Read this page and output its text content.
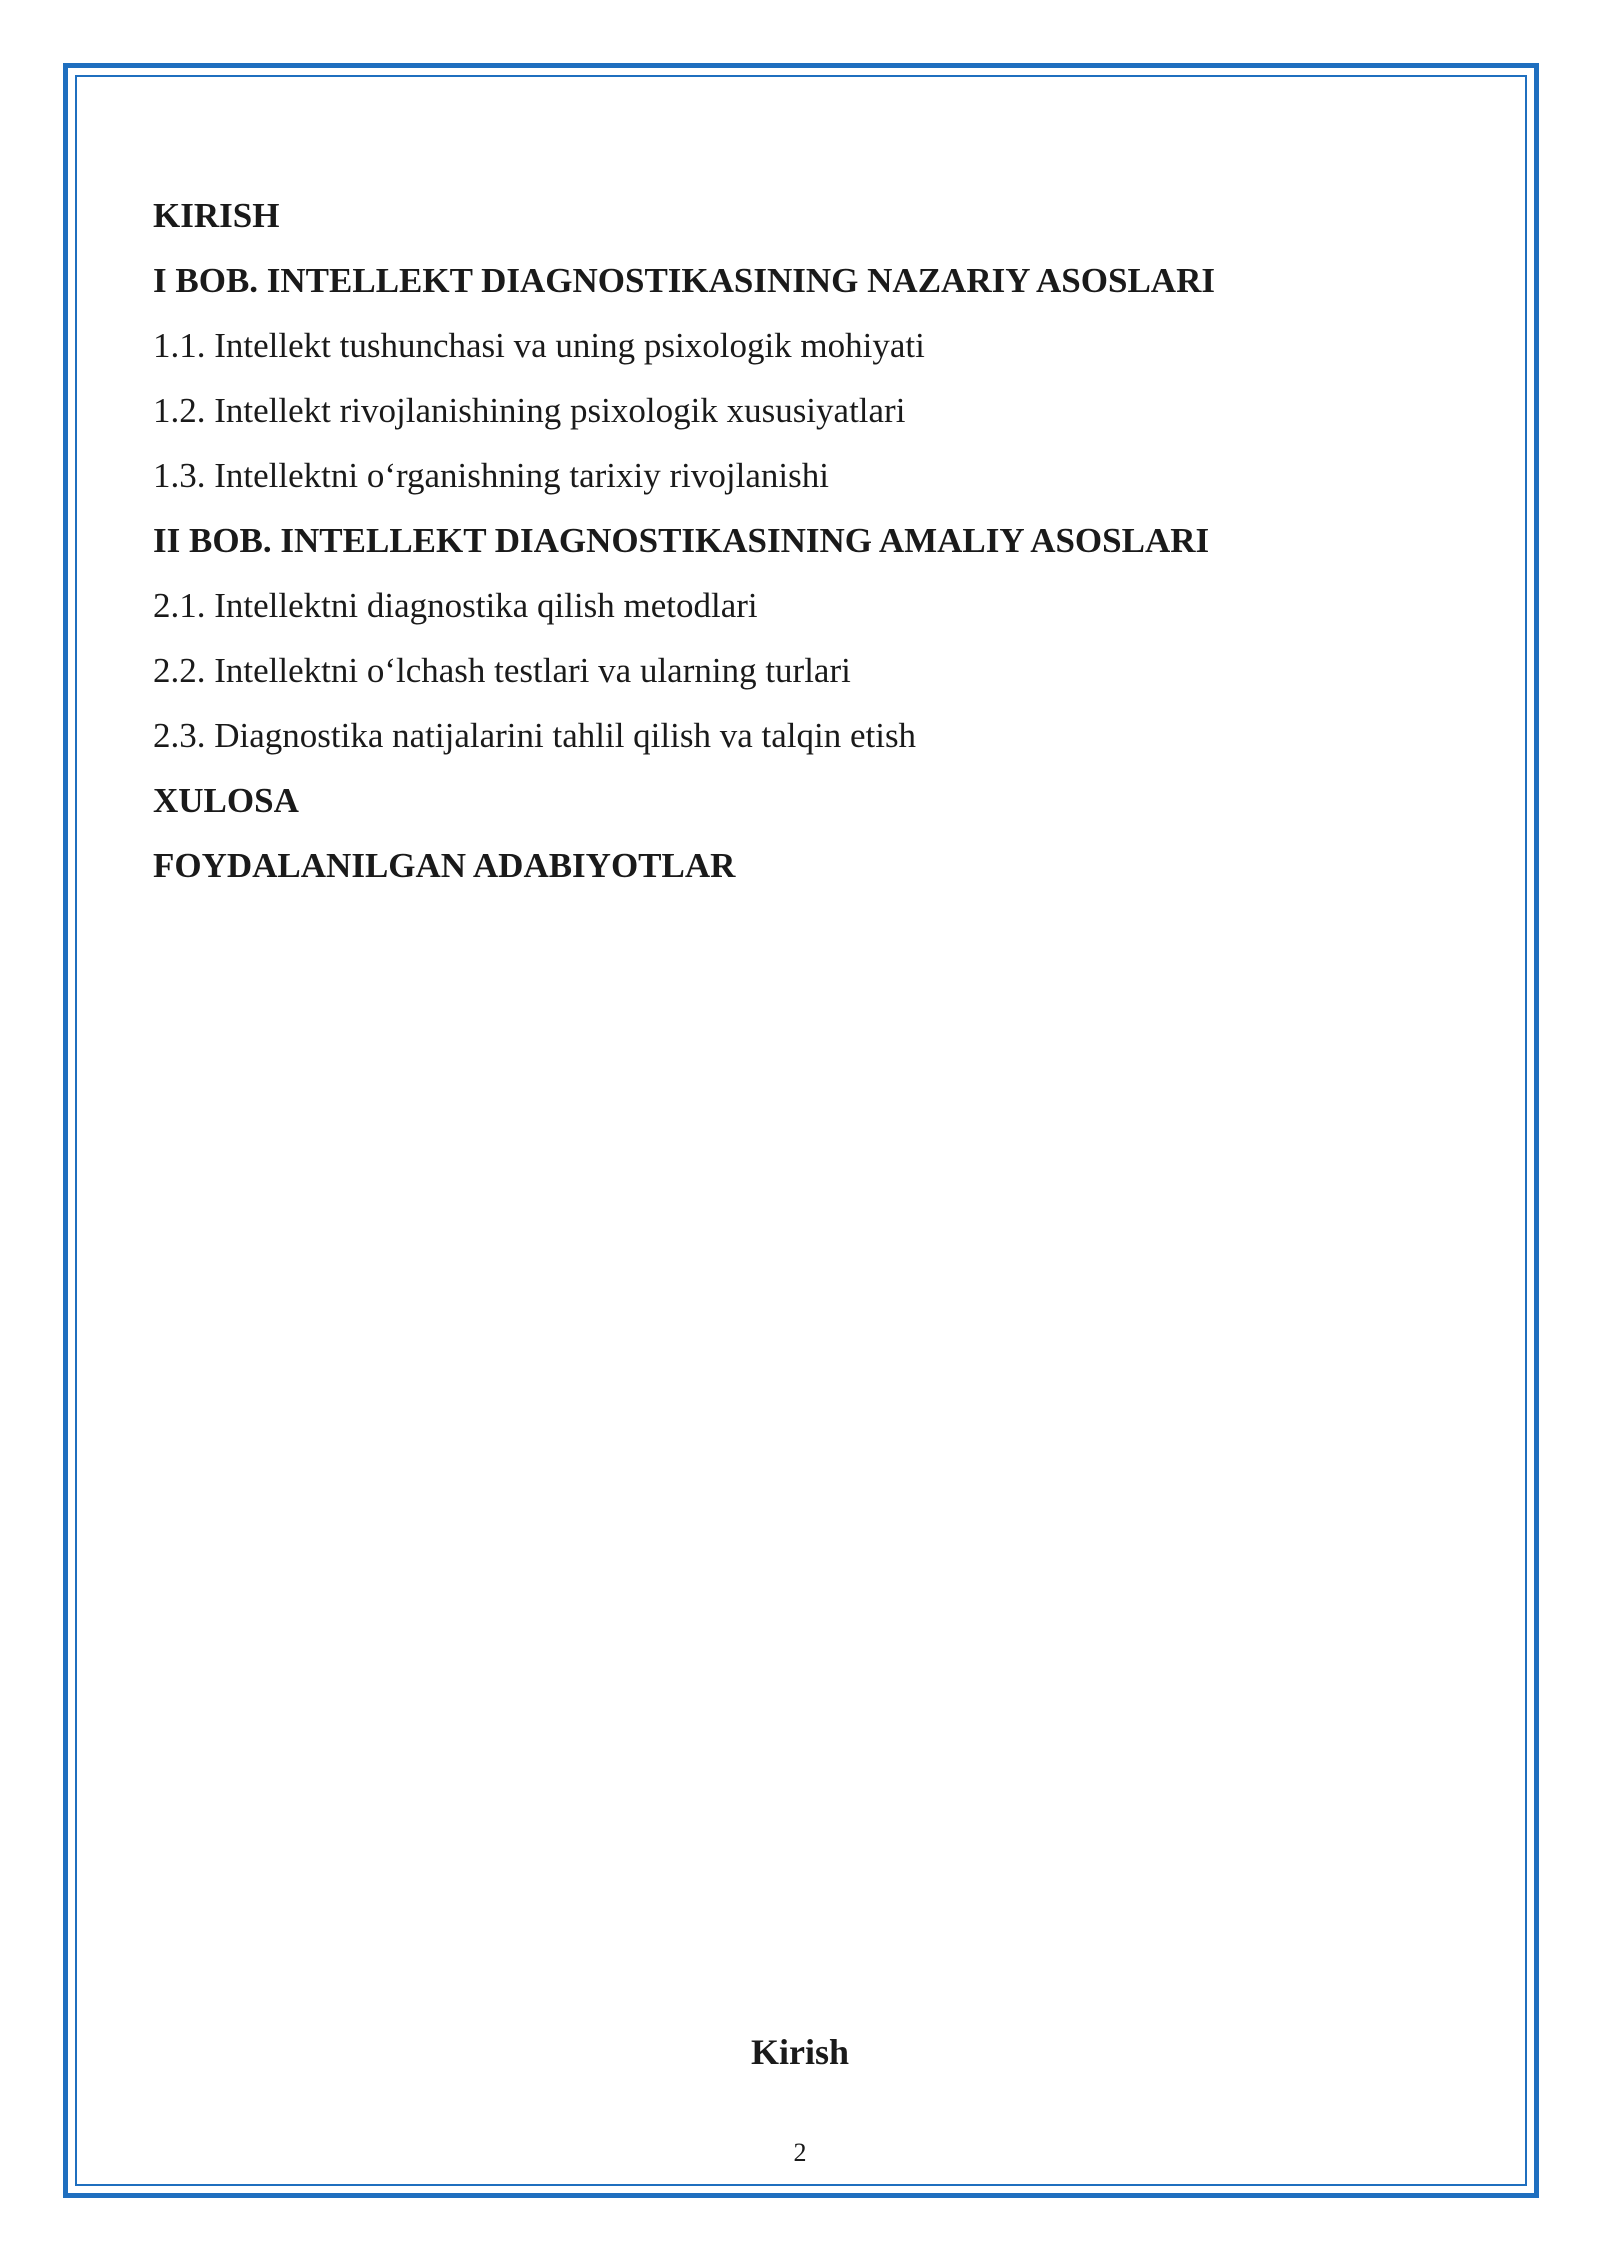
KIRISH
I BOB. INTELLEKT DIAGNOSTIKASINING NAZARIY ASOSLARI
1.1. Intellekt tushunchasi va uning psixologik mohiyati
1.2. Intellekt rivojlanishining psixologik xususiyatlari
1.3. Intellektni oʻrganishning tarixiy rivojlanishi
II BOB. INTELLEKT DIAGNOSTIKASINING AMALIY ASOSLARI
2.1. Intellektni diagnostika qilish metodlari
2.2. Intellektni oʻlchash testlari va ularning turlari
2.3. Diagnostika natijalarini tahlil qilish va talqin etish
XULOSA
FOYDALANILGAN ADABIYOTLAR
Kirish
2
